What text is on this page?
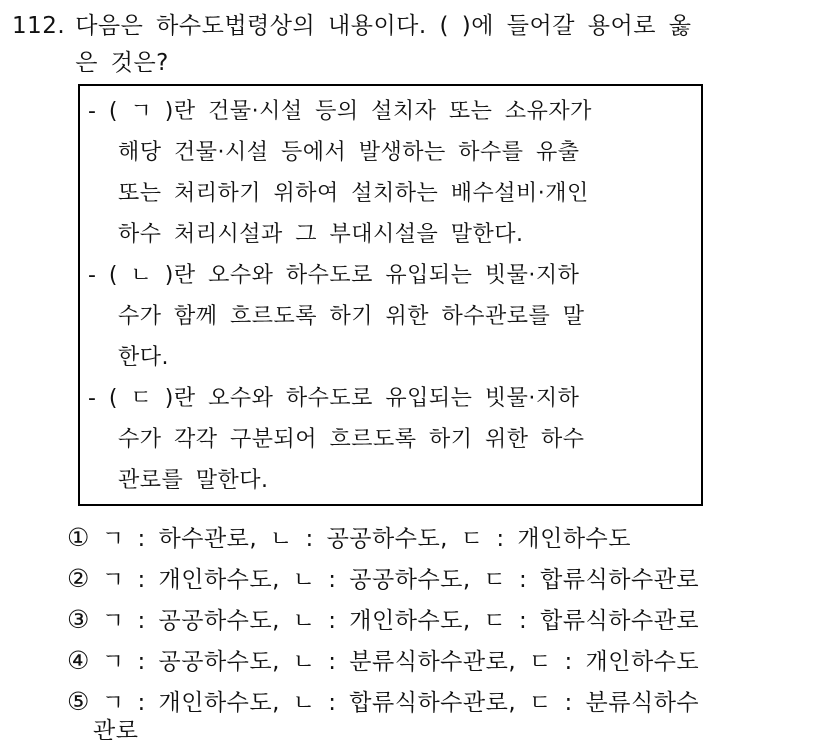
112. 다음은 하수도법령상의 내용이다. ( )에 들어갈 용어로 옳
은 것은?
- ( ㄱ )란 건물·시설 등의 설치자 또는 소유자가
해당 건물·시설 등에서 발생하는 하수를 유출
또는 처리하기 위하여 설치하는 배수설비·개인
하수 처리시설과 그 부대시설을 말한다.
- ( ㄴ )란 오수와 하수도로 유입되는 빗물·지하
수가 함께 흐르도록 하기 위한 하수관로를 말
한다.
- ( ㄷ )란 오수와 하수도로 유입되는 빗물·지하
수가 각각 구분되어 흐르도록 하기 위한 하수
관로를 말한다.
① ㄱ : 하수관로, ㄴ : 공공하수도, ㄷ : 개인하수도
② ㄱ : 개인하수도, ㄴ : 공공하수도, ㄷ : 합류식하수관로
③ ㄱ : 공공하수도, ㄴ : 개인하수도, ㄷ : 합류식하수관로
④ ㄱ : 공공하수도, ㄴ : 분류식하수관로, ㄷ : 개인하수도
⑤ ㄱ : 개인하수도, ㄴ : 합류식하수관로, ㄷ : 분류식하수
관로
